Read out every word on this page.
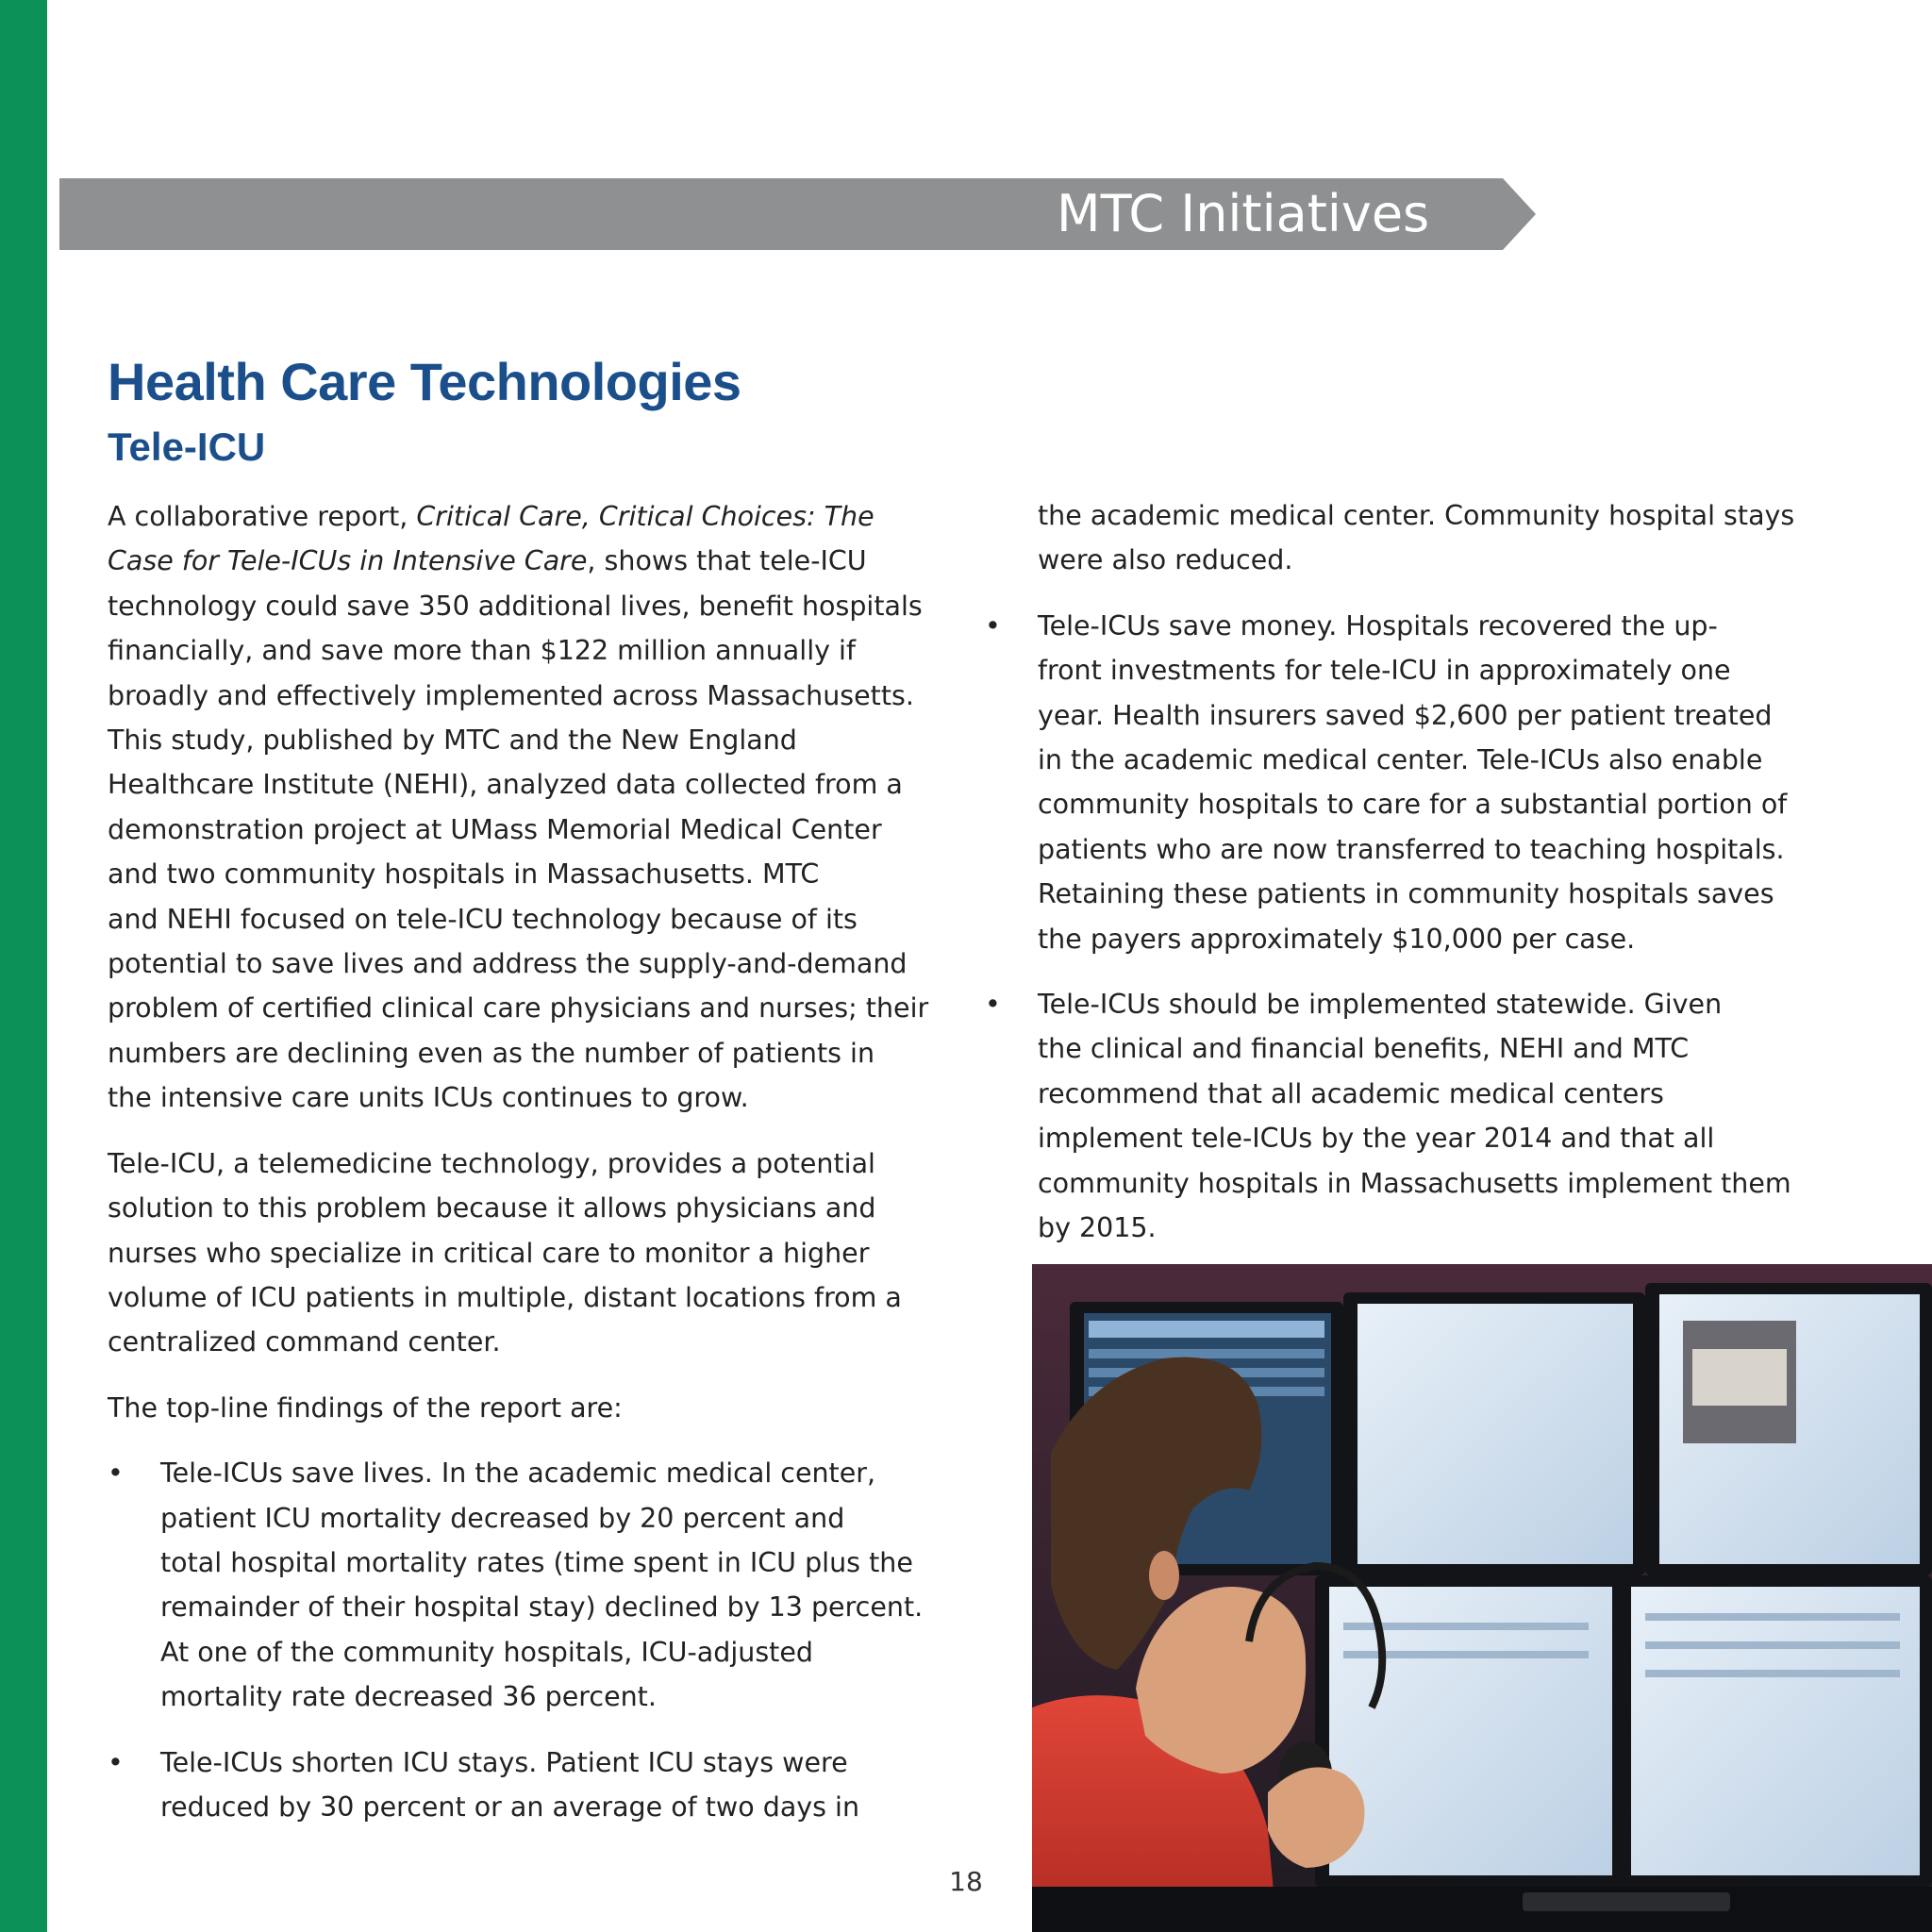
MTC Initiatives
Health Care Technologies
Tele-ICU

A collaborative report, Critical Care, Critical Choices: The
Case for Tele-ICUs in Intensive Care, shows that tele-ICU
technology could save 350 additional lives, benefit hospitals
financially, and save more than $122 million annually if
broadly and effectively implemented across Massachusetts.
This study, published by MTC and the New England
Healthcare Institute (NEHI), analyzed data collected from a
demonstration project at UMass Memorial Medical Center
and two community hospitals in Massachusetts. MTC
and NEHI focused on tele-ICU technology because of its
potential to save lives and address the supply-and-demand
problem of certified clinical care physicians and nurses; their
numbers are declining even as the number of patients in
the intensive care units ICUs continues to grow.

Tele-ICU, a telemedicine technology, provides a potential
solution to this problem because it allows physicians and
nurses who specialize in critical care to monitor a higher
volume of ICU patients in multiple, distant locations from a
centralized command center.

The top-line findings of the report are:

• Tele-ICUs save lives. In the academic medical center,
patient ICU mortality decreased by 20 percent and
total hospital mortality rates (time spent in ICU plus the
remainder of their hospital stay) declined by 13 percent.
At one of the community hospitals, ICU-adjusted
mortality rate decreased 36 percent.
• Tele-ICUs shorten ICU stays. Patient ICU stays were
reduced by 30 percent or an average of two days in

the academic medical center. Community hospital stays
were also reduced.

• Tele-ICUs save money. Hospitals recovered the up-
front investments for tele-ICU in approximately one
year. Health insurers saved $2,600 per patient treated
in the academic medical center. Tele-ICUs also enable
community hospitals to care for a substantial portion of
patients who are now transferred to teaching hospitals.
Retaining these patients in community hospitals saves
the payers approximately $10,000 per case.
• Tele-ICUs should be implemented statewide. Given
the clinical and financial benefits, NEHI and MTC
recommend that all academic medical centers
implement tele-ICUs by the year 2014 and that all
community hospitals in Massachusetts implement them
by 2015.
18
